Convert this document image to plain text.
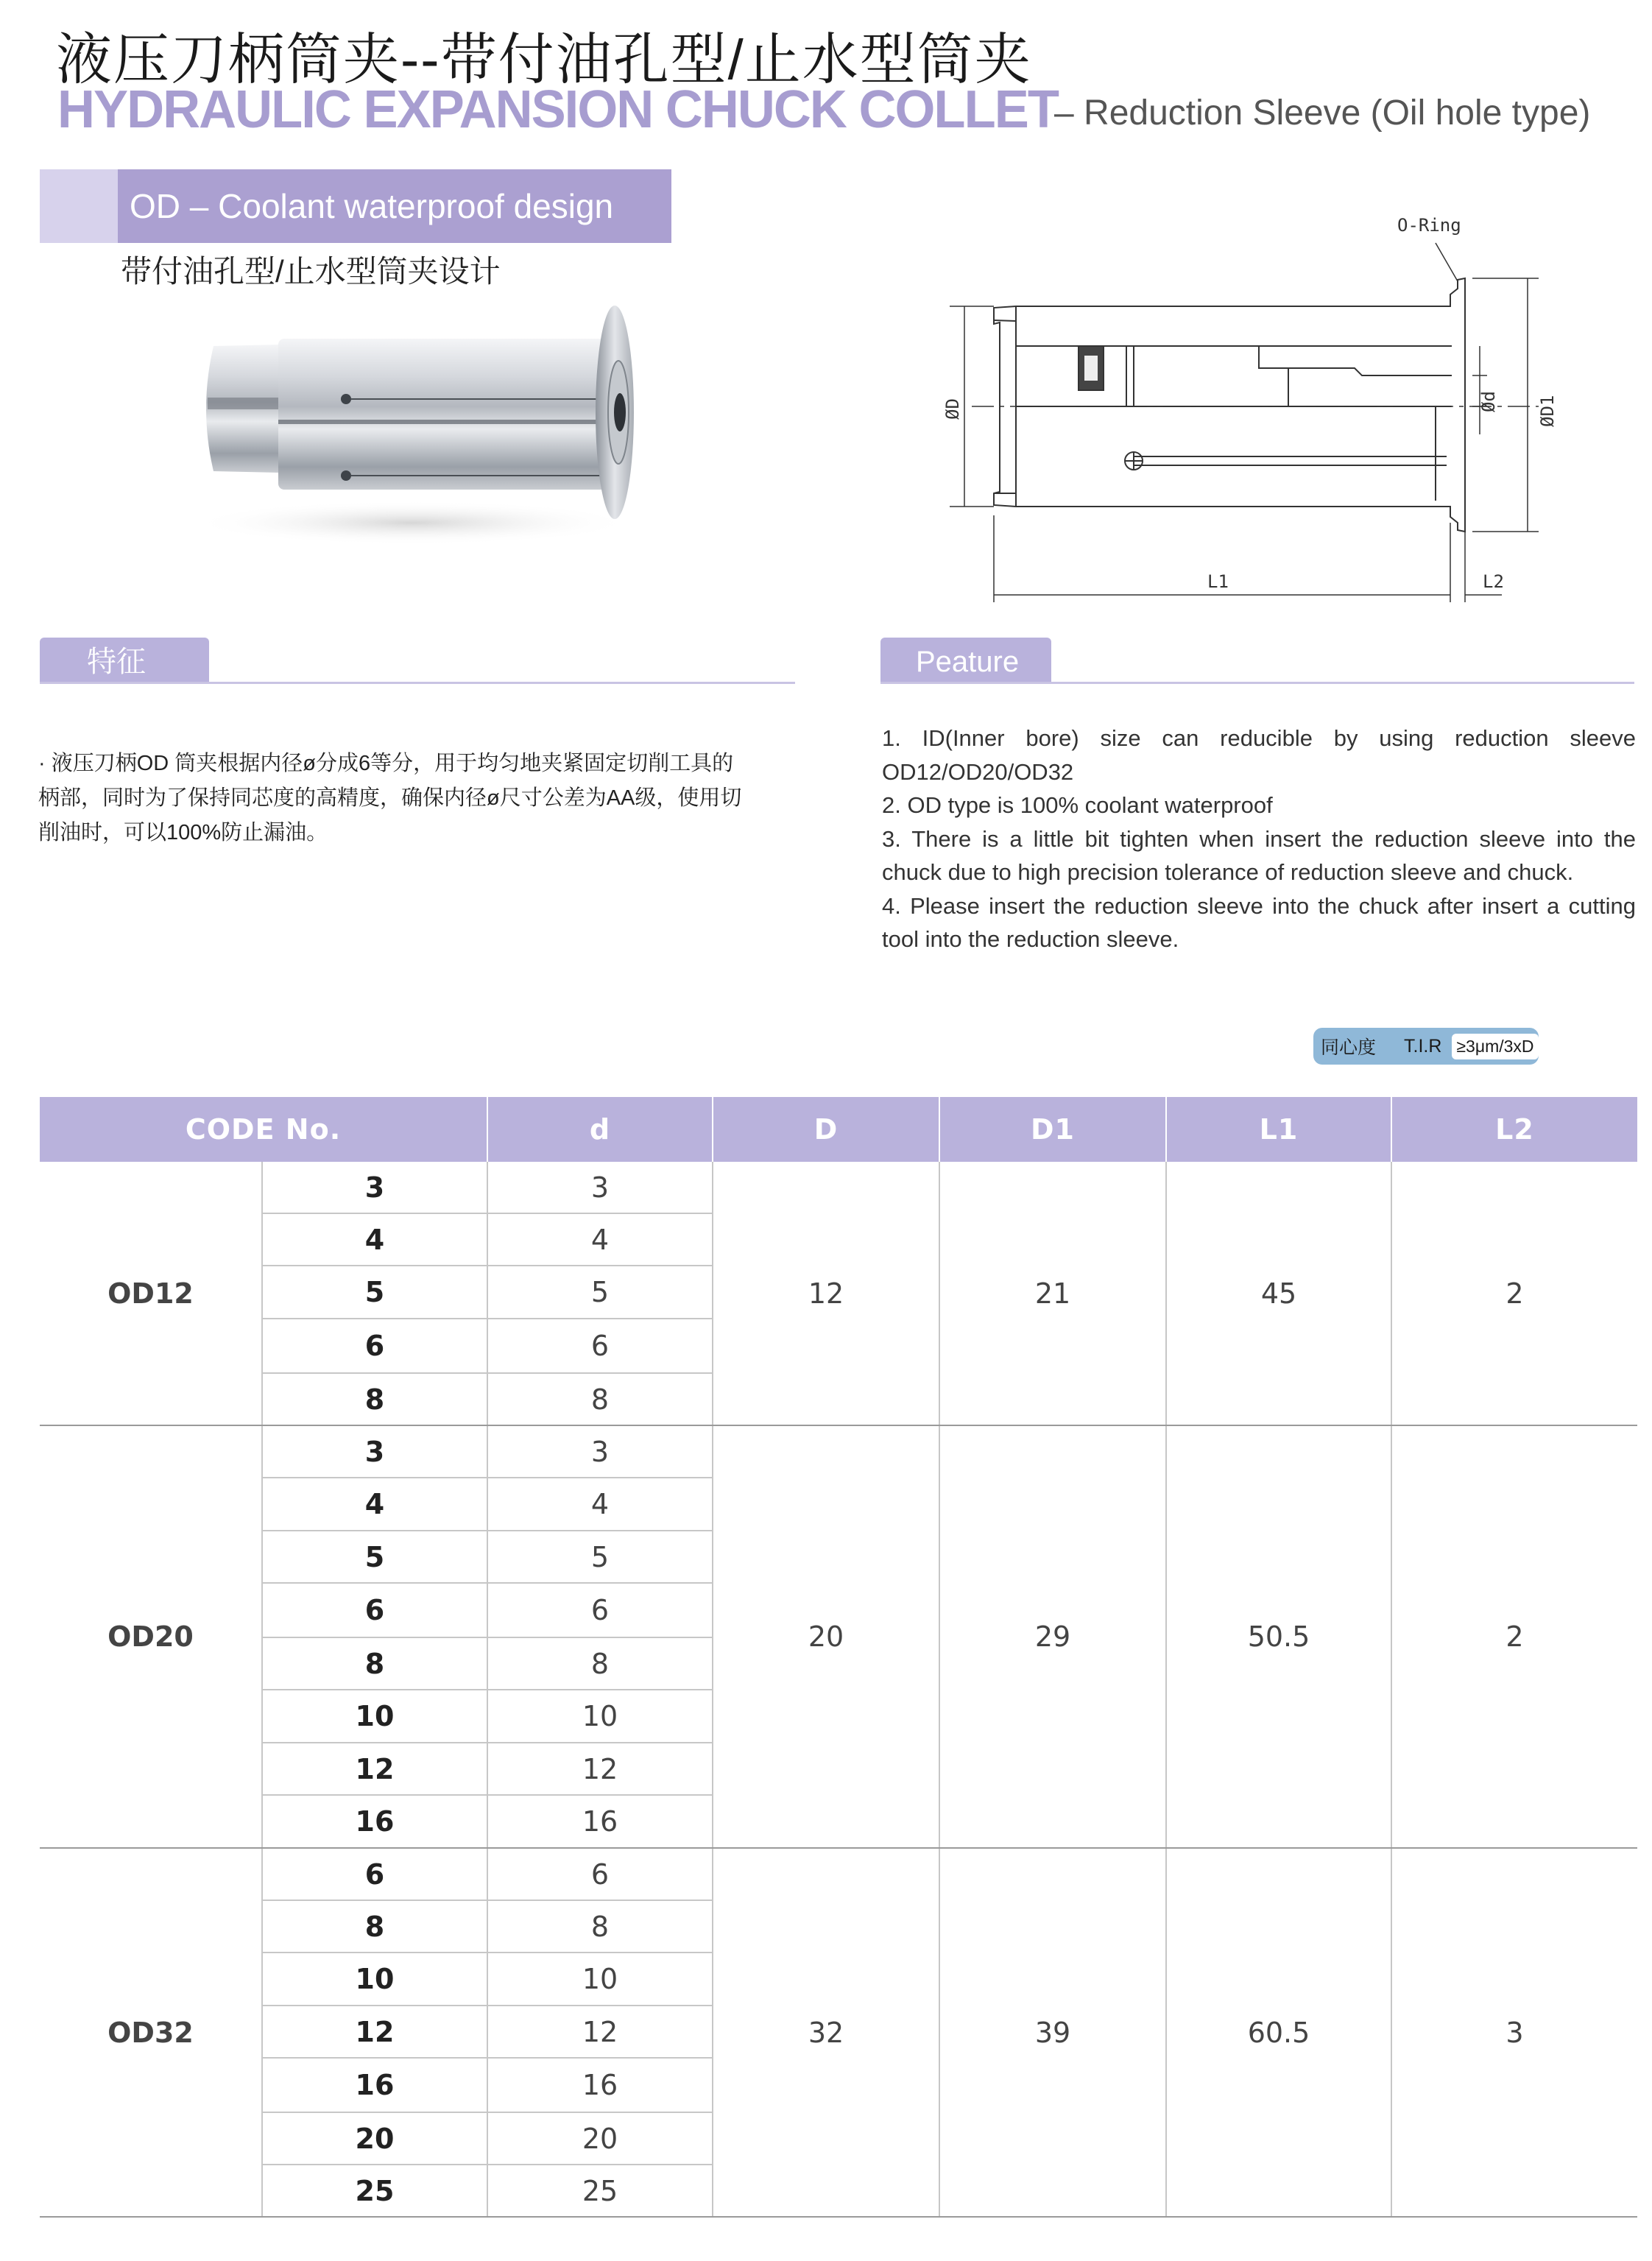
液压刀柄筒夹--带付油孔型/止水型筒夹
HYDRAULIC EXPANSION CHUCK COLLET
– Reduction Sleeve (Oil hole type)
OD – Coolant waterproof design
带付油孔型/止水型筒夹设计
O-Ring
ØD	Ød ØD1
L1	L2
特征	Peature
· 液压刀柄OD 筒夹根据内径ø分成6等分，用于均匀地夹紧固定切削工具的柄部，同时为了保持同芯度的高精度，确保内径ø尺寸公差为AA级，使用切削油时，可以100%防止漏油。

1. ID(Inner bore) size can reducible by using reduction sleeve OD12/OD20/OD32

2. OD type is 100% coolant waterproof

3. There is a little bit tighten when insert the reduction sleeve into the chuck due to high precision tolerance of reduction sleeve and chuck.

4. Please insert the reduction sleeve into the chuck after insert a cutting tool into the reduction sleeve.

同心度	T.I.R ≥3μm/3xD
CODE No.		d	D	D1	L1	L2
OD12	3	3	12	21	45	2
	4	4				
	5	5				
	6	6				
	8	8				
OD20	3	3	20	29	50.5	2
	4	4				
	5	5				
	6	6				
	8	8				
	10	10				
	12	12				
	16	16				
OD32	6	6	32	39	60.5	3
	8	8				
	10	10				
	12	12				
	16	16				
	20	20				
	25	25				
